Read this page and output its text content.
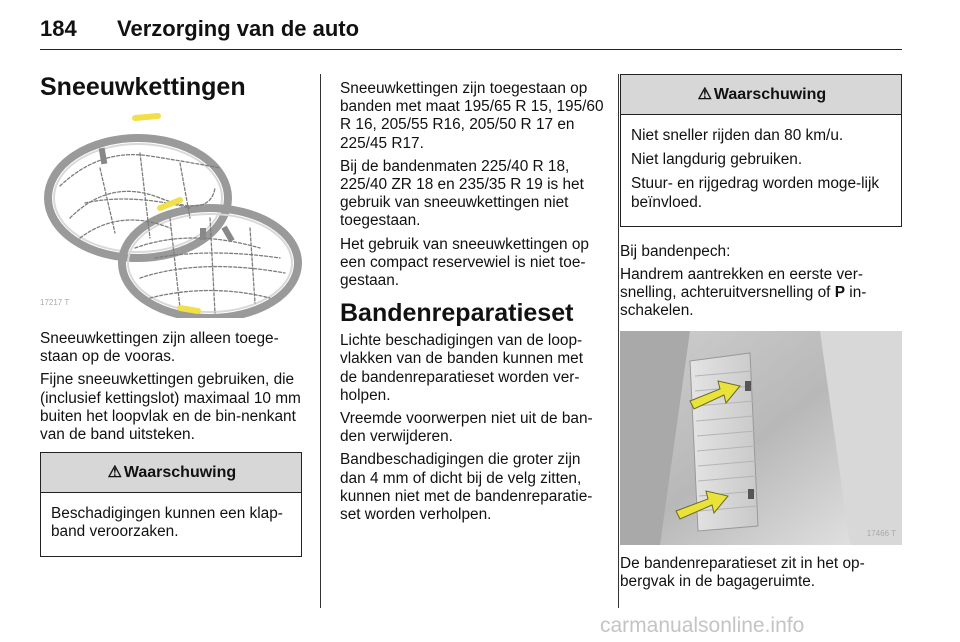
184 Verzorging van de auto
Sneeuwkettingen
17217 T

Sneeuwkettingen zijn alleen toege-staan op de vooras.

Fijne sneeuwkettingen gebruiken, die (inclusief kettingslot) maximaal 10 mm buiten het loopvlak en de bin-nenkant van de band uitsteken.

⚠ Waarschuwing

Beschadigingen kunnen een klap-band veroorzaken.

Sneeuwkettingen zijn toegestaan op banden met maat 195/65 R 15, 195/60 R 16, 205/55 R16, 205/50 R 17 en 225/45 R17.

Bij de bandenmaten 225/40 R 18, 225/40 ZR 18 en 235/35 R 19 is het gebruik van sneeuwkettingen niet toegestaan.

Het gebruik van sneeuwkettingen op een compact reservewiel is niet toe-gestaan.

Bandenreparatieset

Lichte beschadigingen van de loop-vlakken van de banden kunnen met de bandenreparatieset worden ver-holpen.

Vreemde voorwerpen niet uit de ban-den verwijderen.

Bandbeschadigingen die groter zijn dan 4 mm of dicht bij de velg zitten, kunnen niet met de bandenreparatie-set worden verholpen.

⚠ Waarschuwing

Niet sneller rijden dan 80 km/u.

Niet langdurig gebruiken.

Stuur- en rijgedrag worden moge-lijk beïnvloed.

Bij bandenpech:

Handrem aantrekken en eerste ver-snelling, achteruitversnelling of P in-schakelen.

17466 T

De bandenreparatieset zit in het op-bergvak in de bagageruimte.

carmanualsonline.info
